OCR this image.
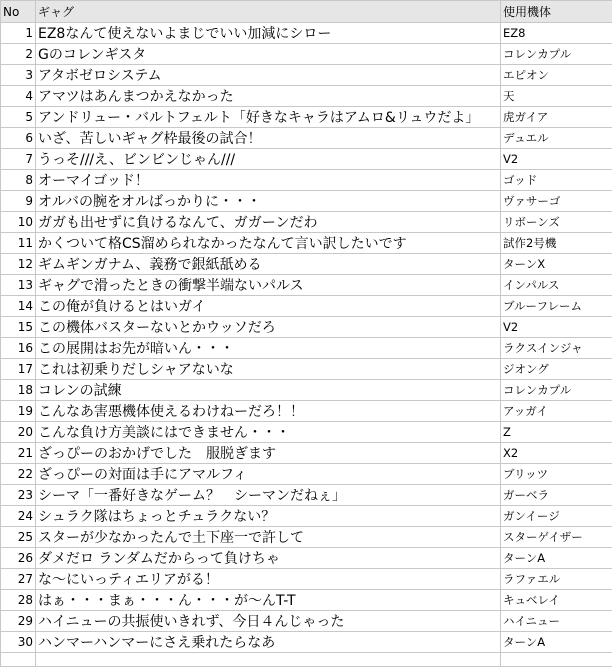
No	ギャグ	使用機体
1	EZ8なんて使えないよまじでいい加減にシロー	EZ8
2	Gのコレンギスタ	コレンカプル
3	アタボゼロシステム	エピオン
4	アマツはあんまつかえなかった	天
5	アンドリュー・バルトフェルト「好きなキャラはアムロ&リュウだよ」	虎ガイア
6	いざ、苦しいギャグ枠最後の試合！	デュエル
7	うっそ///え、ビンビンじゃん///	V2
8	オーマイゴッド！	ゴッド
9	オルバの腕をオルばっかりに・・・	ヴァサーゴ
10	ガガも出せずに負けるなんて、ガガーンだわ	リボーンズ
11	かくついて格CS溜められなかったなんて言い訳したいです	試作2号機
12	ギムギンガナム、義務で銀紙舐める	ターンX
13	ギャグで滑ったときの衝撃半端ないパルス	インパルス
14	この俺が負けるとはいガイ	ブルーフレーム
15	この機体バスターないとかウッソだろ	V2
16	この展開はお先が暗いん・・・	ラクスインジャ
17	これは初乗りだしシャアないな	ジオング
18	コレンの試練	コレンカプル
19	こんなあ害悪機体使えるわけねーだろ！！	アッガイ
20	こんな負け方美談にはできません・・・	Z
21	ざっぴーのおかげでした　服脱ぎます	X2
22	ざっぴーの対面は手にアマルフィ	ブリッツ
23	シーマ「一番好きなゲーム？　シーマンだねぇ」	ガーベラ
24	シュラク隊はちょっとチュラクない？	ガンイージ
25	スターが少なかったんで土下座一で許して	スターゲイザー
26	ダメだロ ランダムだからって負けちゃ	ターンA
27	な～にいっティエリアがる！	ラファエル
28	はぁ・・・まぁ・・・ん・・・が～んT-T	キュベレイ
29	ハイニューの共振使いきれず、今日４んじゃった	ハイニュー
30	ハンマーハンマーにさえ乗れたらなあ	ターンA
